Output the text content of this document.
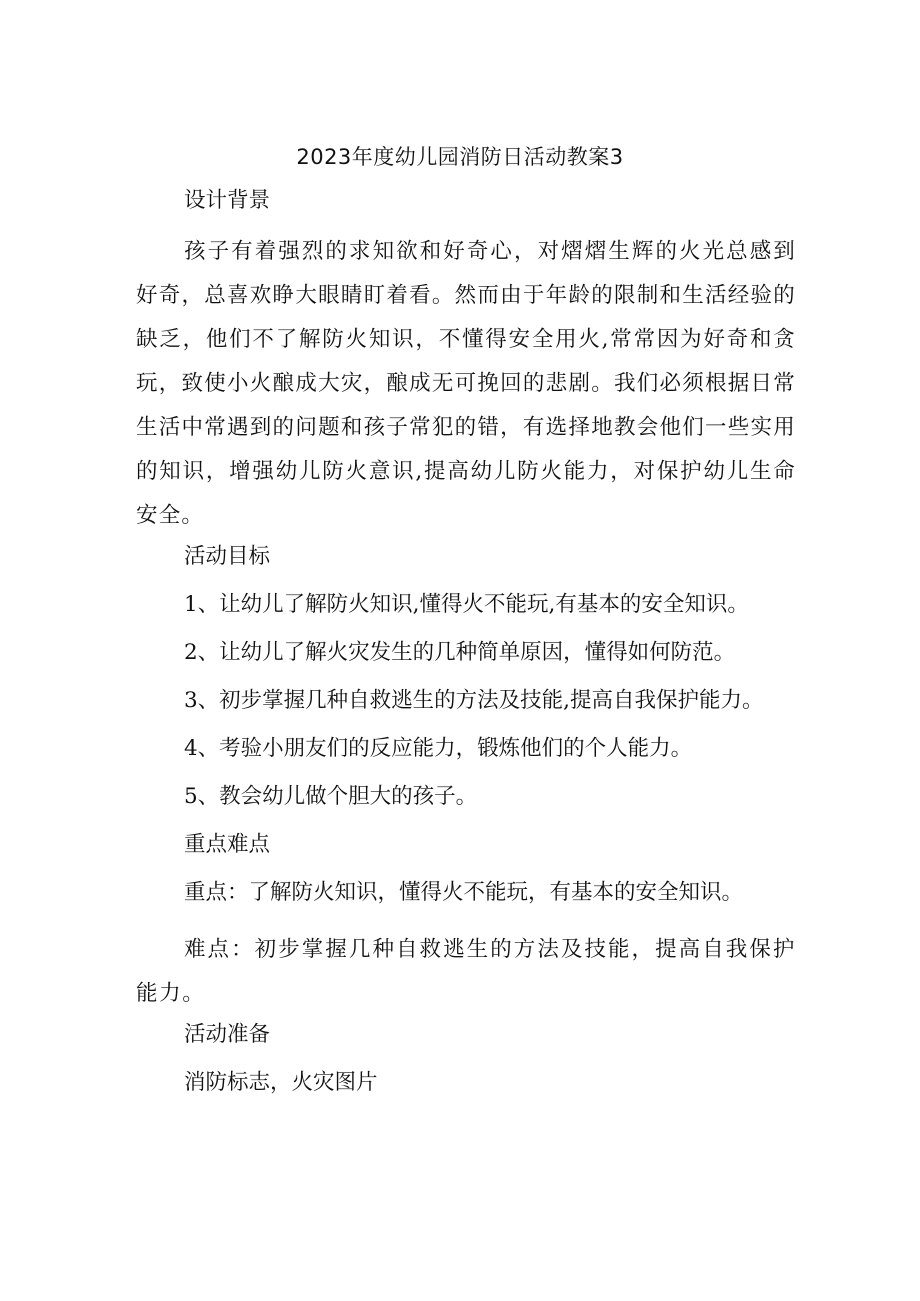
2023年度幼儿园消防日活动教案3

设计背景

孩子有着强烈的求知欲和好奇心，对熠熠生辉的火光总感到好奇，总喜欢睁大眼睛盯着看。然而由于年龄的限制和生活经验的缺乏，他们不了解防火知识，不懂得安全用火,常常因为好奇和贪玩，致使小火酿成大灾，酿成无可挽回的悲剧。我们必须根据日常生活中常遇到的问题和孩子常犯的错，有选择地教会他们一些实用的知识，增强幼儿防火意识,提高幼儿防火能力，对保护幼儿生命安全。

活动目标

1、让幼儿了解防火知识,懂得火不能玩,有基本的安全知识。

2、让幼儿了解火灾发生的几种简单原因，懂得如何防范。

3、初步掌握几种自救逃生的方法及技能,提高自我保护能力。

4、考验小朋友们的反应能力，锻炼他们的个人能力。

5、教会幼儿做个胆大的孩子。

重点难点

重点：了解防火知识，懂得火不能玩，有基本的安全知识。

难点：初步掌握几种自救逃生的方法及技能，提高自我保护能力。

活动准备

消防标志，火灾图片
